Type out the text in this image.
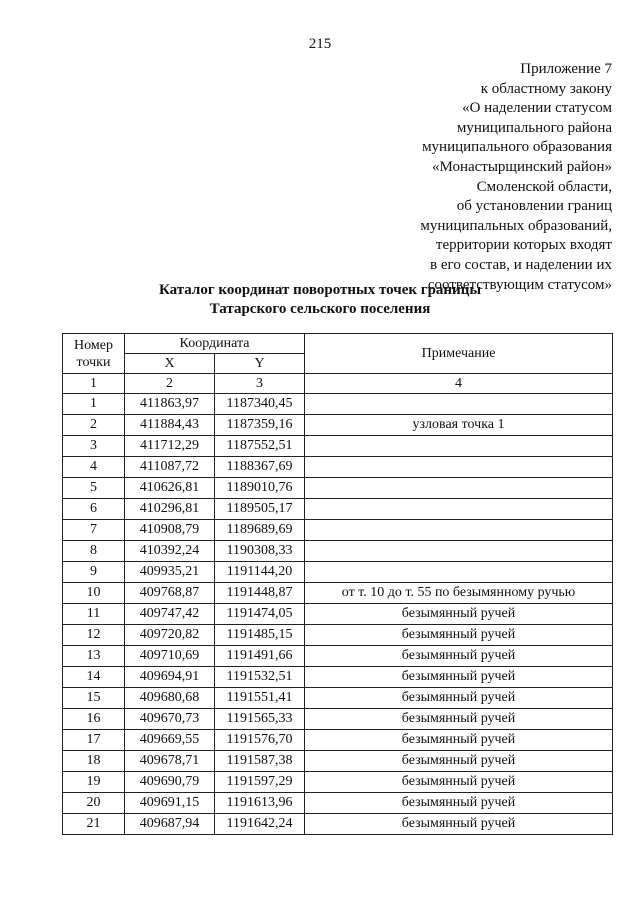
215
Приложение 7
к областному закону
«О наделении статусом
муниципального района
муниципального образования
«Монастырщинский район»
Смоленской области,
об установлении границ
муниципальных образований,
территории которых входят
в его состав, и наделении их
соответствующим статусом»
Каталог координат поворотных точек границы
Татарского сельского поселения
Номер точки	Координата		Примечание
	X	Y	
1	2	3	4
1	411863,97	1187340,45	
2	411884,43	1187359,16	узловая точка 1
3	411712,29	1187552,51	
4	411087,72	1188367,69	
5	410626,81	1189010,76	
6	410296,81	1189505,17	
7	410908,79	1189689,69	
8	410392,24	1190308,33	
9	409935,21	1191144,20	
10	409768,87	1191448,87	от т. 10 до т. 55 по безымянному ручью
11	409747,42	1191474,05	безымянный ручей
12	409720,82	1191485,15	безымянный ручей
13	409710,69	1191491,66	безымянный ручей
14	409694,91	1191532,51	безымянный ручей
15	409680,68	1191551,41	безымянный ручей
16	409670,73	1191565,33	безымянный ручей
17	409669,55	1191576,70	безымянный ручей
18	409678,71	1191587,38	безымянный ручей
19	409690,79	1191597,29	безымянный ручей
20	409691,15	1191613,96	безымянный ручей
21	409687,94	1191642,24	безымянный ручей
